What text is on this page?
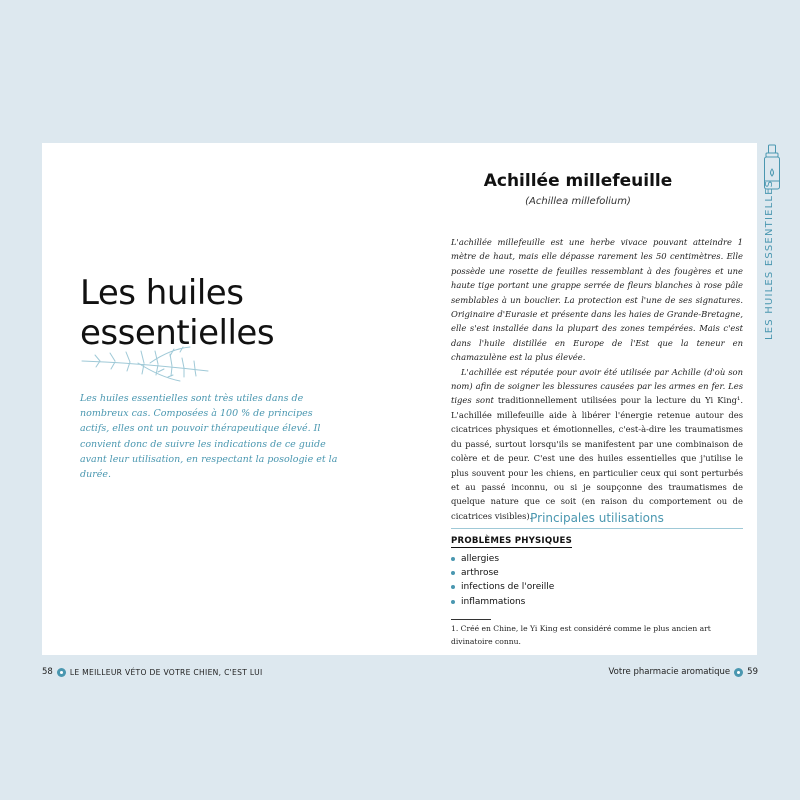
Les huiles
essentielles

Les huiles essentielles sont très utiles dans de nombreux cas. Composées à 100 % de principes actifs, elles ont un pouvoir thérapeutique élevé. Il convient donc de suivre les indications de ce guide avant leur utilisation, en respectant la posologie et la durée.

Achillée millefeuille
(Achillea millefolium)

L'achillée millefeuille est une herbe vivace pouvant atteindre 1 mètre de haut, mais elle dépasse rarement les 50 centimètres. Elle possède une rosette de feuilles ressemblant à des fougères et une haute tige portant une grappe serrée de fleurs blanches à rose pâle semblables à un bouclier. La protection est l'une de ses signatures. Originaire d'Eurasie et présente dans les haies de Grande-Bretagne, elle s'est installée dans la plupart des zones tempérées. Mais c'est dans l'huile distillée en Europe de l'Est que la teneur en chamazulène est la plus élevée.

L'achillée est réputée pour avoir été utilisée par Achille (d'où son nom) afin de soigner les blessures causées par les armes en fer. Les tiges sont traditionnellement utilisées pour la lecture du Yi King¹. L'achillée millefeuille aide à libérer l'énergie retenue autour des cicatrices physiques et émotionnelles, c'est-à-dire les traumatismes du passé, surtout lorsqu'ils se manifestent par une combinaison de colère et de peur. C'est une des huiles essentielles que j'utilise le plus souvent pour les chiens, en particulier ceux qui sont perturbés et au passé inconnu, ou si je soupçonne des traumatismes de quelque nature que ce soit (en raison du comportement ou de cicatrices visibles).

Principales utilisations
PROBLÈMES PHYSIQUES
allergies
arthrose
infections de l'oreille
inflammations

1. Créé en Chine, le Yi King est considéré comme le plus ancien art divinatoire connu.

58 LE MEILLEUR VÉTO DE VOTRE CHIEN, C'EST LUI	Votre pharmacie aromatique 59
LES HUILES ESSENTIELLES
